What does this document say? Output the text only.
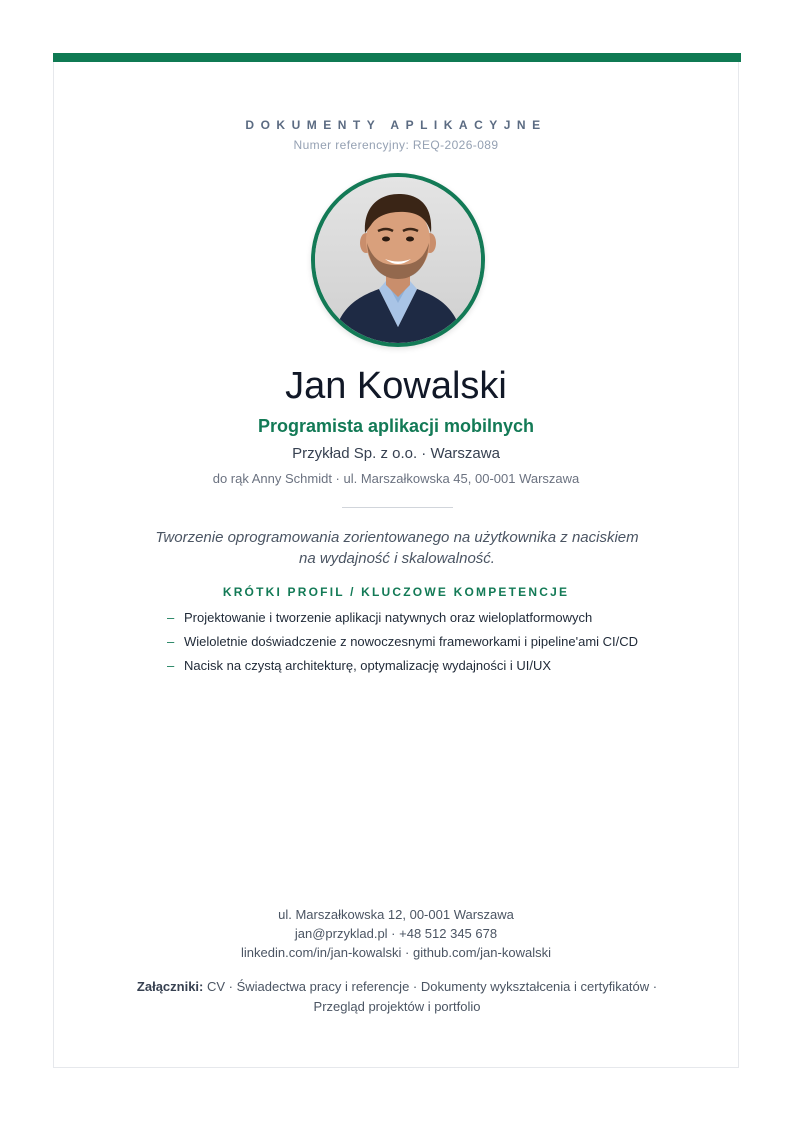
DOKUMENTY APLIKACYJNE
Numer referencyjny: REQ-2026-089
Jan Kowalski
Programista aplikacji mobilnych
Przykład Sp. z o.o. · Warszawa
do rąk Anny Schmidt · ul. Marszałkowska 45, 00-001 Warszawa
Tworzenie oprogramowania zorientowanego na użytkownika z naciskiem na wydajność i skalowalność.
KRÓTKI PROFIL / KLUCZOWE KOMPETENCJE
– Projektowanie i tworzenie aplikacji natywnych oraz wieloplatformowych
– Wieloletnie doświadczenie z nowoczesnymi frameworkami i pipeline'ami CI/CD
– Nacisk na czystą architekturę, optymalizację wydajności i UI/UX
ul. Marszałkowska 12, 00-001 Warszawa
jan@przyklad.pl · +48 512 345 678
linkedin.com/in/jan-kowalski · github.com/jan-kowalski
Załączniki: CV · Świadectwa pracy i referencje · Dokumenty wykształcenia i certyfikatów · Przegląd projektów i portfolio
